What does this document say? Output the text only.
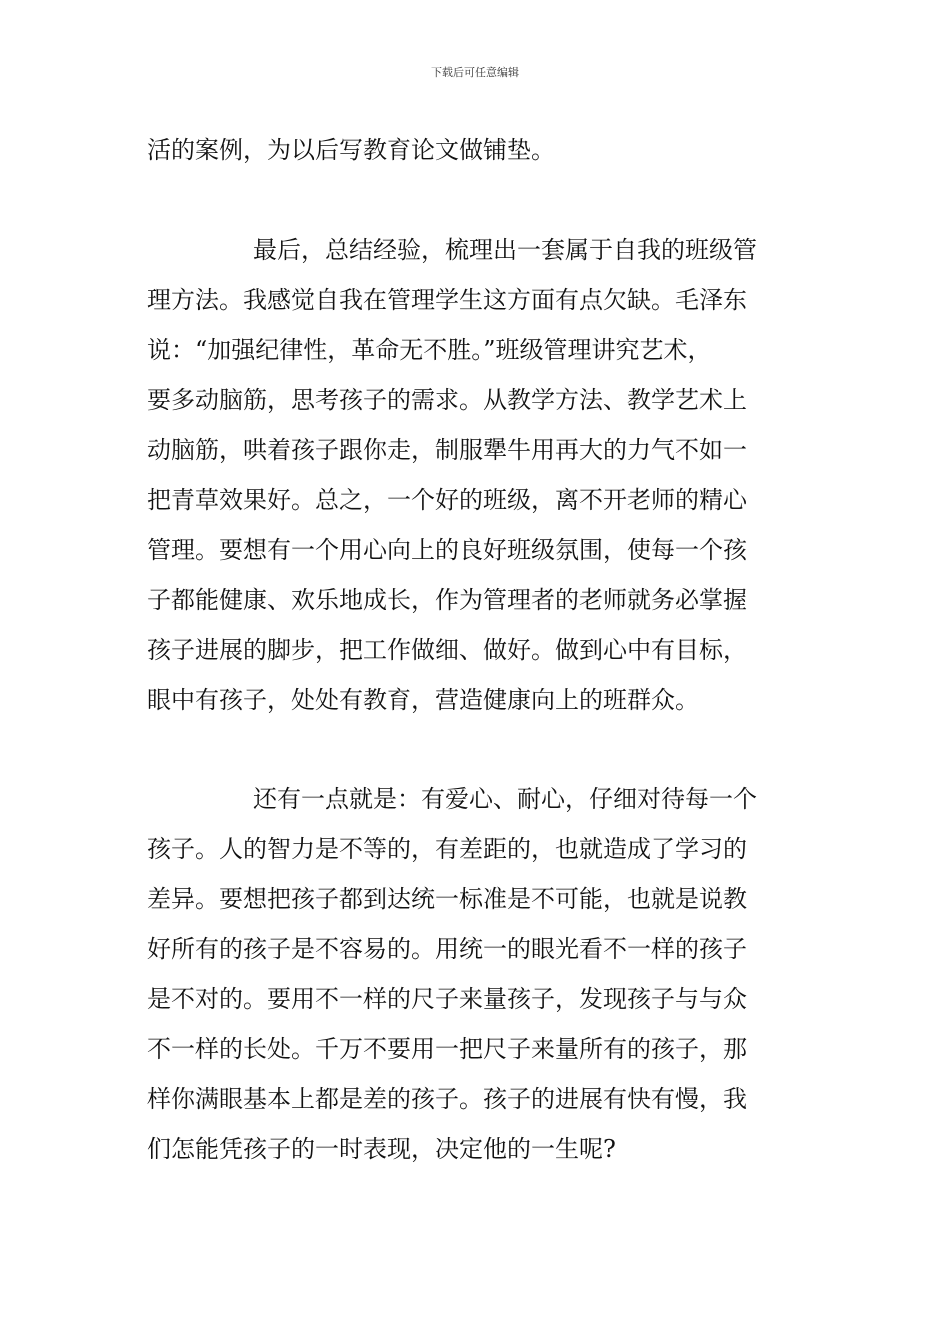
下载后可任意编辑
活的案例，为以后写教育论文做铺垫。
最后，总结经验，梳理出一套属于自我的班级管
理方法。我感觉自我在管理学生这方面有点欠缺。毛泽东
说：“加强纪律性，革命无不胜。”班级管理讲究艺术，
要多动脑筋，思考孩子的需求。从教学方法、教学艺术上
动脑筋，哄着孩子跟你走，制服犟牛用再大的力气不如一
把青草效果好。总之，一个好的班级，离不开老师的精心
管理。要想有一个用心向上的良好班级氛围，使每一个孩
子都能健康、欢乐地成长，作为管理者的老师就务必掌握
孩子进展的脚步，把工作做细、做好。做到心中有目标，
眼中有孩子，处处有教育，营造健康向上的班群众。
还有一点就是：有爱心、耐心，仔细对待每一个
孩子。人的智力是不等的，有差距的，也就造成了学习的
差异。要想把孩子都到达统一标准是不可能，也就是说教
好所有的孩子是不容易的。用统一的眼光看不一样的孩子
是不对的。要用不一样的尺子来量孩子，发现孩子与与众
不一样的长处。千万不要用一把尺子来量所有的孩子，那
样你满眼基本上都是差的孩子。孩子的进展有快有慢，我
们怎能凭孩子的一时表现，决定他的一生呢?
